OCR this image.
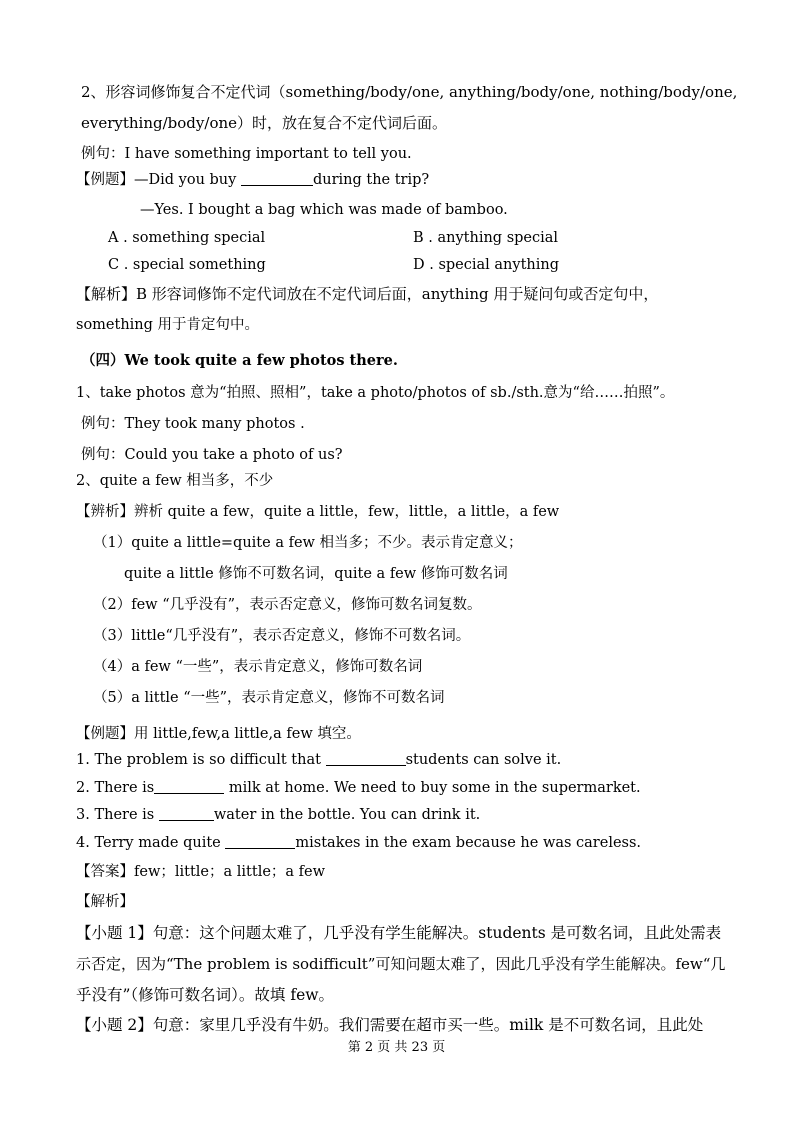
2、形容词修饰复合不定代词（something/body/one, anything/body/one, nothing/body/one,
everything/body/one）时，放在复合不定代词后面。
例句：I have something important to tell you.
【例题】—Did you buy	during the trip?
—Yes. I bought a bag which was made of bamboo.
A . something special	B . anything special
C . special something	D . special anything
【解析】B 形容词修饰不定代词放在不定代词后面，anything 用于疑问句或否定句中，
something 用于肯定句中。
（四）We took quite a few photos there.
1、take photos 意为“拍照、照相”，take a photo/photos of sb./sth.意为“给……拍照”。
例句：They took many photos .
例句：Could you take a photo of us?
2、quite a few 相当多，不少
【辨析】辨析 quite a few，quite a little，few，little，a little，a few
（1）quite a little=quite a few 相当多；不少。表示肯定意义；
quite a little 修饰不可数名词，quite a few 修饰可数名词
（2）few “几乎没有”，表示否定意义，修饰可数名词复数。
（3）little“几乎没有”，表示否定意义，修饰不可数名词。
（4）a few “一些”，表示肯定意义，修饰可数名词
（5）a little “一些”，表示肯定意义，修饰不可数名词
【例题】用 little,few,a little,a few 填空。
1. The problem is so difficult that	students can solve it.
2. There is	milk at home. We need to buy some in the supermarket.
3. There is	water in the bottle. You can drink it.
4. Terry made quite	mistakes in the exam because he was careless.
【答案】few；little；a little；a few
【解析】
【小题 1】句意：这个问题太难了，几乎没有学生能解决。students 是可数名词，且此处需表
示否定，因为“The problem is sodifficult”可知问题太难了，因此几乎没有学生能解决。few“几
乎没有”（修饰可数名词）。故填 few。
【小题 2】句意：家里几乎没有牛奶。我们需要在超市买一些。milk 是不可数名词，且此处
第 2 页 共 23 页
